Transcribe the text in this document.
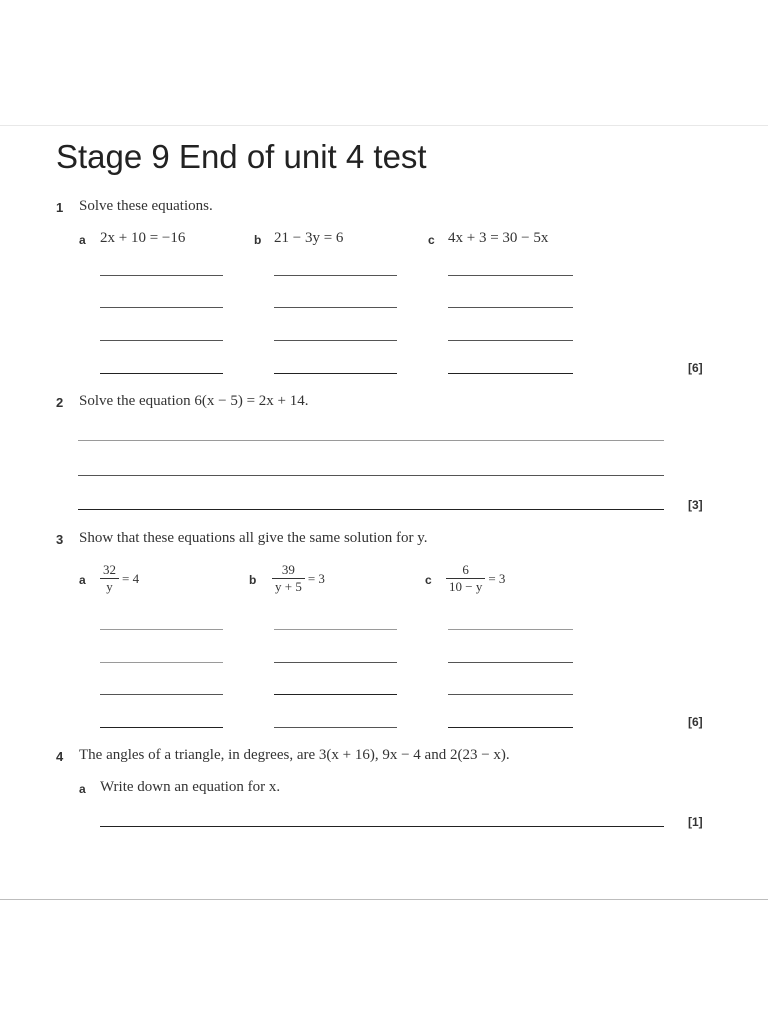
Stage 9 End of unit 4 test
1 Solve these equations.
a 2x + 10 = −16	b 21 − 3y = 6	c 4x + 3 = 30 − 5x
[6]
2 Solve the equation 6(x − 5) = 2x + 14.
[3]
3 Show that these equations all give the same solution for y.
a $\frac{32}{y} = 4$	b $\frac{39}{y + 5} = 3$	c $\frac{6}{10 - y} = 3$
[6]
4 The angles of a triangle, in degrees, are 3(x + 16), 9x − 4 and 2(23 − x).
a Write down an equation for x.
[1]
